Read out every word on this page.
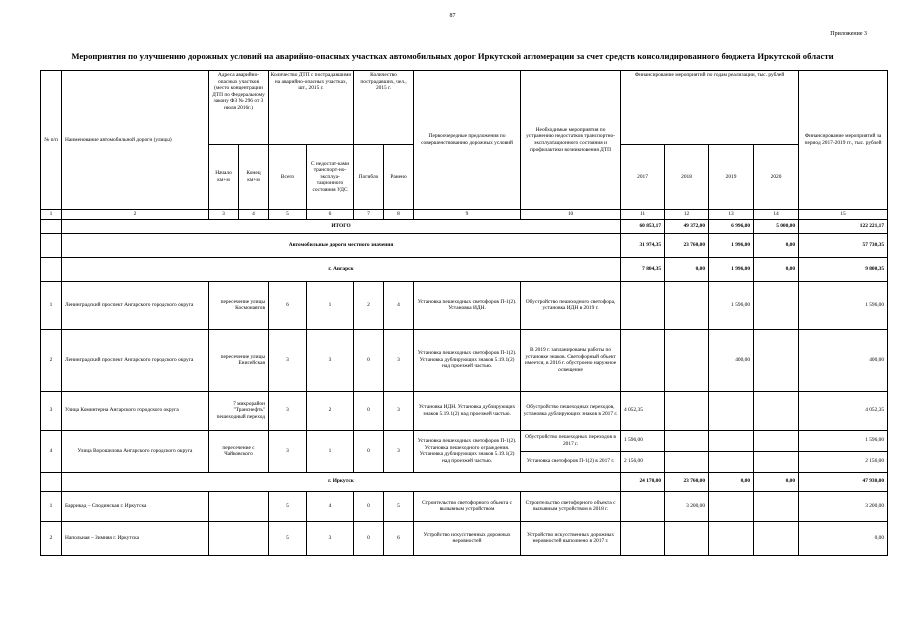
87
Приложение 3
Мероприятия по улучшению дорожных условий на аварийно-опасных участках автомобильных дорог Иркутской агломерации за счет средств консолидированного бюджета Иркутской области
№ п/п	Наименование автомобильной дороги (улицы)	Адреса аварийно-опасных участков (место концентрации ДТП по Федеральному закону ФЗ № 296 от 3 июля 2016г.)		Количество ДТП с пострадавшими на аварийно-опасных участках, шт., 2015 г.		Количество пострадавших, чел., 2015 г.		Первоочередные предложения по совершенствованию дорожных условий	Необходимые мероприятия по устранению недостатков транспортно-эксплуатационного состояния и профилактики возникновения ДТП	Финансирование мероприятий по годам реализации, тыс. рублей				Финансирование мероприятий за период 2017-2019 гг., тыс. рублей
		Начало км+м	Конец км+м	Всего	С недостат-ками транспорт-но-эксплуа-тационного состояния УДС	Погибло	Ранено			2017	2018	2019	2020	
1	2	3	4	5	6	7	8	9	10	11	12	13	14	15
	ИТОГО									60 853,17	49 372,00	6 996,00	5 000,00	122 221,17
	Автомобильные дороги местного значения									31 974,35	23 760,00	1 996,00	0,00	57 730,35
	г. Ангарск									7 804,35	0,00	1 996,00	0,00	9 800,35
1	Ленинградский проспект Ангарского городского округа	пересечение улицы Космонавтов		6	1	2	4	Установка пешеходных светофоров П-1(2). Установка ИДН.	Обустройство пешеходного светофора, установка ИДН в 2019 г.			1 596,00		1 596,00
2	Ленинградский проспект Ангарского городского округа	пересечение улицы Енисейская		3	3	0	3	Установка пешеходных светофоров П-1(2). Установка дублирующих знаков 5.19.1(2) над проезжей частью.	В 2019 г. запланированы работы по установке знаков. Светофорный объект имеется, в 2016 г. обустроено наружное освещение			400,00		400,00
3	Улица Коминтерна Ангарского городского округа	7 микрорайон "Транснефть" пешеходный переход		3	2	0	3	Установка ИДН. Установка дублирующих знаков 5.19.1(2) над проезжей частью.	Обустройство пешеходных переходов, установка дублирующих знаков в 2017 г.	4 052,35				4 052,35
4	Улица Ворошилова Ангарского городского округа	пересечение с Чайковского		3	1	0	3	Установка пешеходных светофоров П-1(2). Установка пешеходного ограждения. Установка дублирующих знаков 5.19.1(2) над проезжей частью.	Обустройство пешеходных переходов в 2017 г.	1 596,00				1 596,00
									Установка светофоров П-1(2) в 2017 г.	2 156,00				2 156,00
	г. Иркутск									24 170,00	23 760,00	0,00	0,00	47 930,00
1	Баррикад – Сподинская г. Иркутска			5	4	0	5	Строительство светофорного объекта с вызывным устройством	Строительство светофорного объекта с вызывным устройством в 2018 г.		3 200,00			3 200,00
2	Напольная – Зимняя г. Иркутска			5	3	0	6	Устройство искусственных дорожных неровностей	Устройство искусственных дорожных неровностей выполнено в 2017 г.					0,00
